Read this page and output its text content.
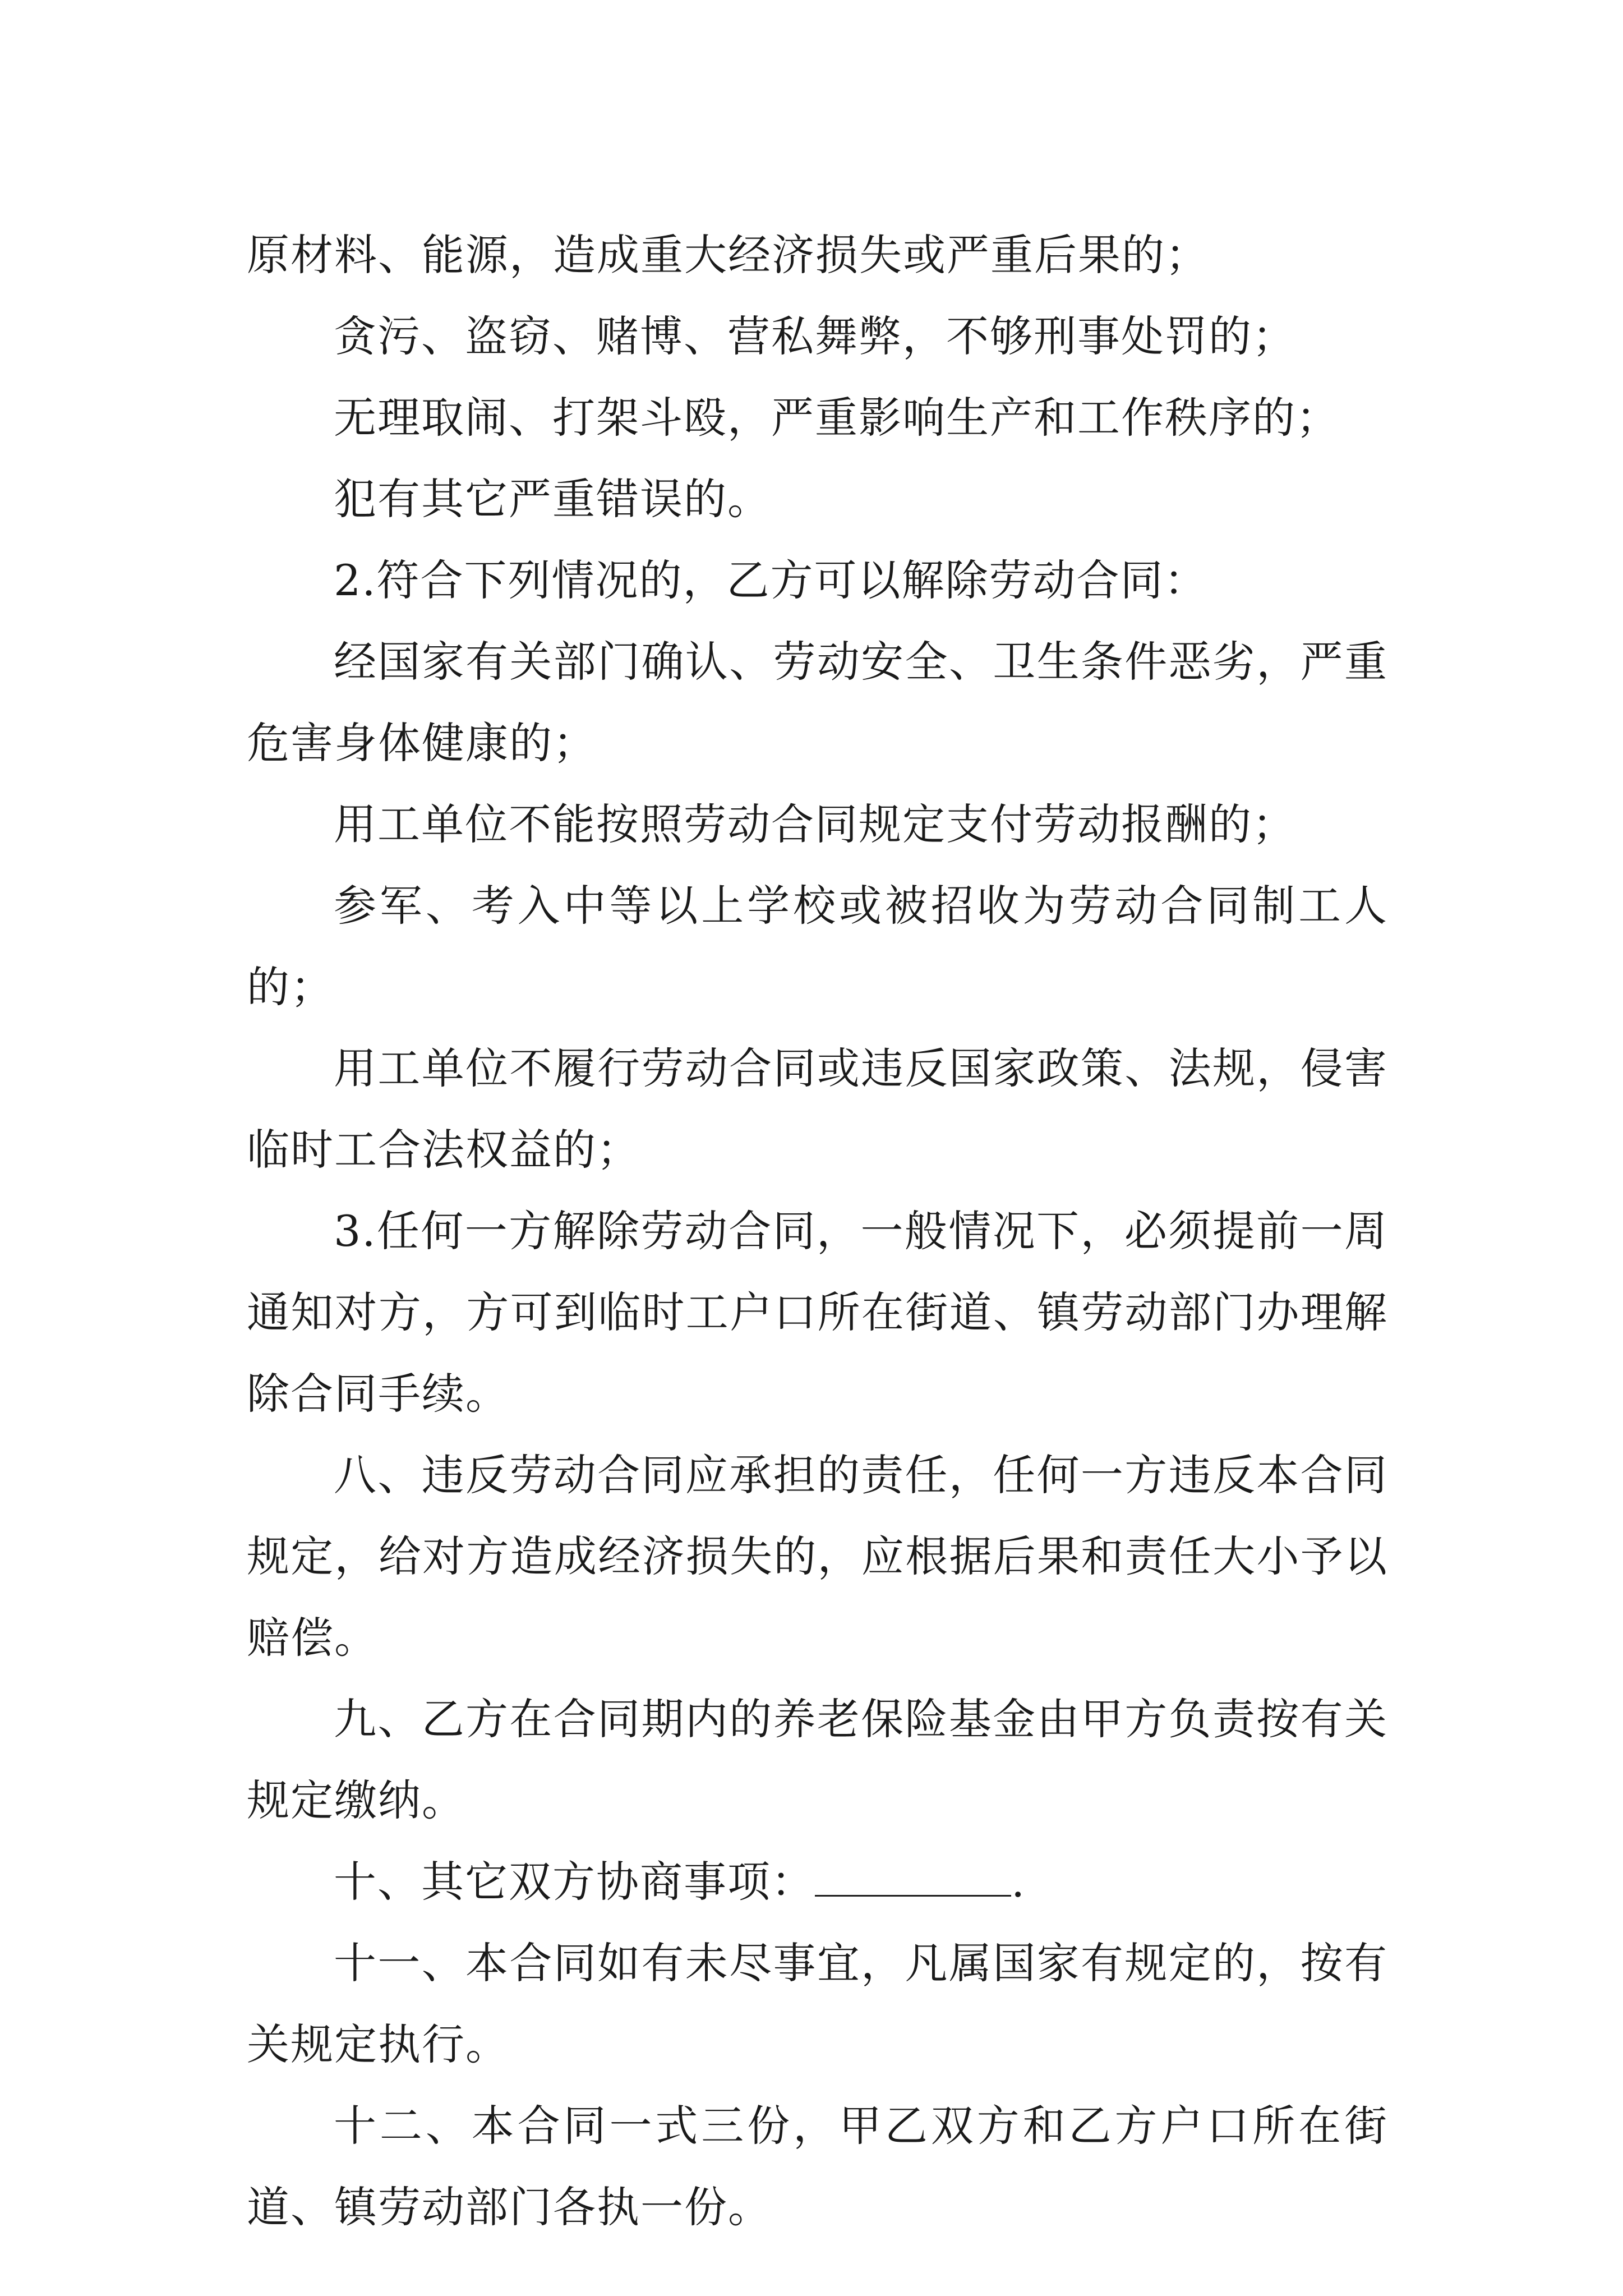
原材料、能源，造成重大经济损失或严重后果的；

贪污、盗窃、赌博、营私舞弊，不够刑事处罚的；

无理取闹、打架斗殴，严重影响生产和工作秩序的；

犯有其它严重错误的。

2.符合下列情况的，乙方可以解除劳动合同：

经国家有关部门确认、劳动安全、卫生条件恶劣，严重危害身体健康的；

用工单位不能按照劳动合同规定支付劳动报酬的；

参军、考入中等以上学校或被招收为劳动合同制工人的；

用工单位不履行劳动合同或违反国家政策、法规，侵害临时工合法权益的；

3.任何一方解除劳动合同，一般情况下，必须提前一周通知对方，方可到临时工户口所在街道、镇劳动部门办理解除合同手续。

八、违反劳动合同应承担的责任，任何一方违反本合同规定，给对方造成经济损失的，应根据后果和责任大小予以赔偿。

九、乙方在合同期内的养老保险基金由甲方负责按有关规定缴纳。

十、其它双方协商事项：	.

十一、本合同如有未尽事宜，凡属国家有规定的，按有关规定执行。

十二、本合同一式三份，甲乙双方和乙方户口所在街道、镇劳动部门各执一份。
